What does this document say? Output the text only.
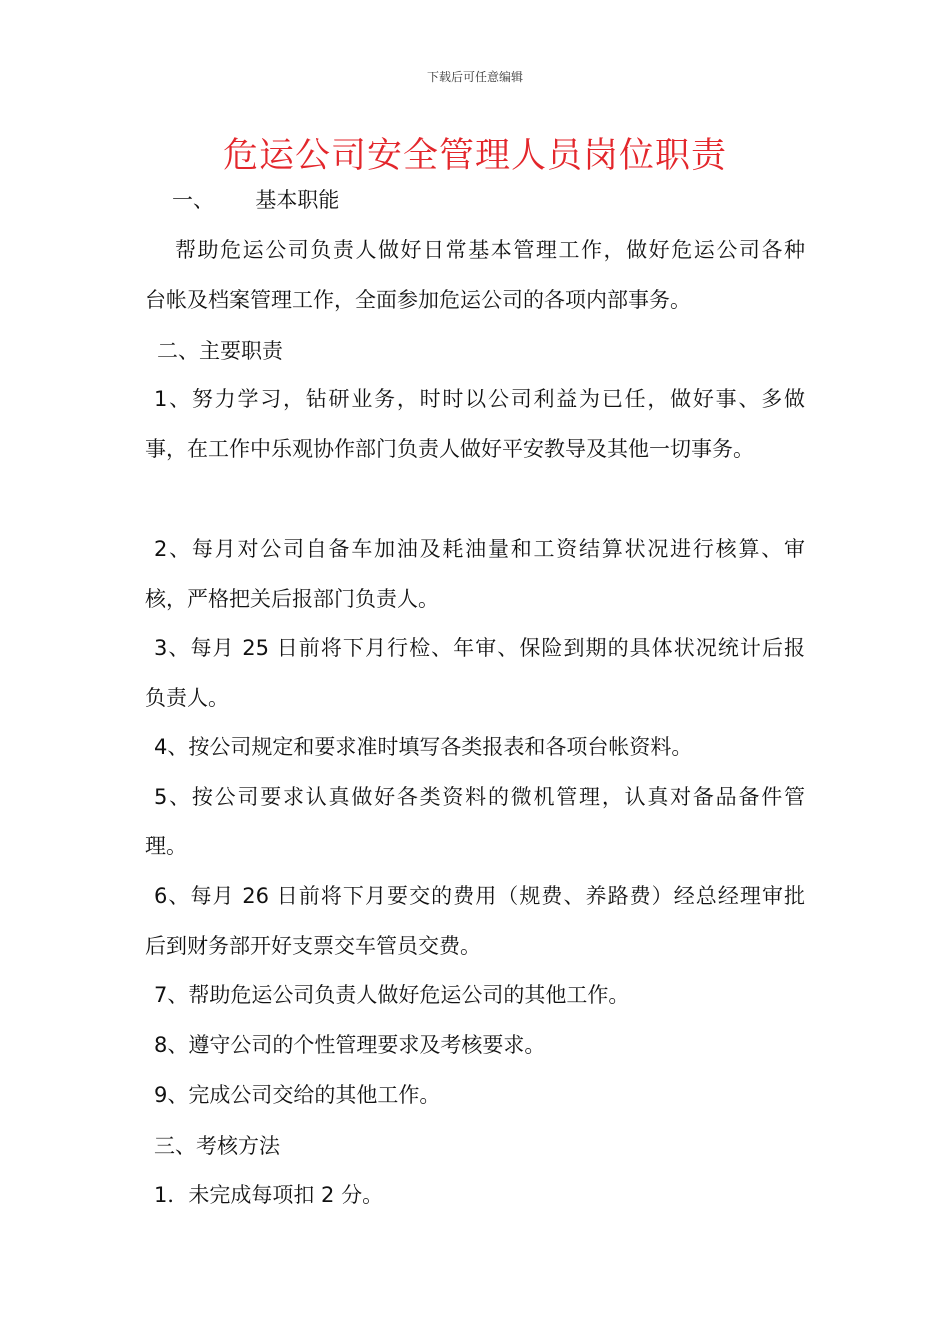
下载后可任意编辑
危运公司安全管理人员岗位职责
一、 基本职能
帮助危运公司负责人做好日常基本管理工作，做好危运公司各种
台帐及档案管理工作，全面参加危运公司的各项内部事务。
二、主要职责
1、努力学习，钻研业务，时时以公司利益为已任，做好事、多做
事，在工作中乐观协作部门负责人做好平安教导及其他一切事务。
2、每月对公司自备车加油及耗油量和工资结算状况进行核算、审
核，严格把关后报部门负责人。
3、每月 25 日前将下月行检、年审、保险到期的具体状况统计后报
负责人。
4、按公司规定和要求准时填写各类报表和各项台帐资料。
5、按公司要求认真做好各类资料的微机管理，认真对备品备件管
理。
6、每月 26 日前将下月要交的费用（规费、养路费）经总经理审批
后到财务部开好支票交车管员交费。
7、帮助危运公司负责人做好危运公司的其他工作。
8、遵守公司的个性管理要求及考核要求。
9、完成公司交给的其他工作。
三、考核方法
1．未完成每项扣 2 分。
